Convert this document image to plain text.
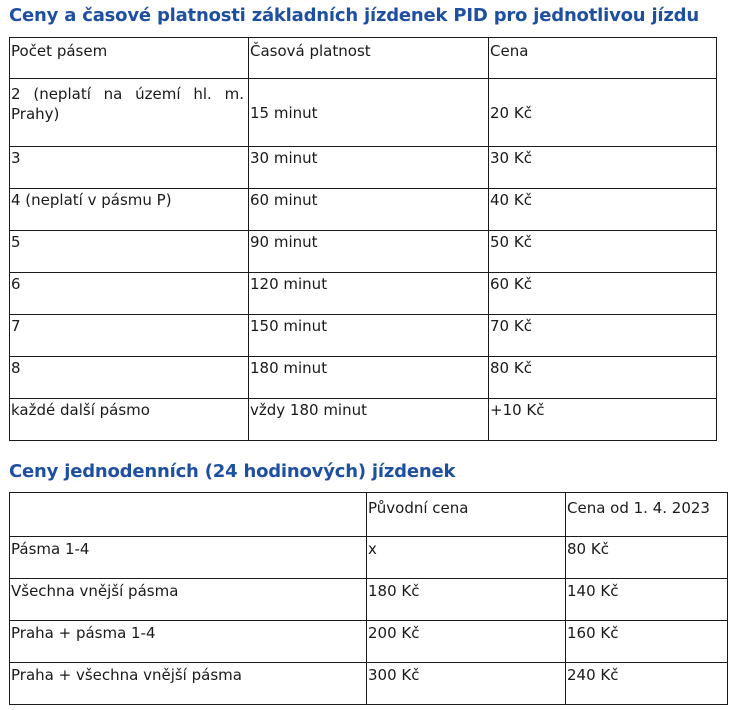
Ceny a časové platnosti základních jízdenek PID pro jednotlivou jízdu
Počet pásem	Časová platnost	Cena
2 (neplatí na území hl. m. Prahy)	15 minut	20 Kč
3	30 minut	30 Kč
4 (neplatí v pásmu P)	60 minut	40 Kč
5	90 minut	50 Kč
6	120 minut	60 Kč
7	150 minut	70 Kč
8	180 minut	80 Kč
každé další pásmo	vždy 180 minut	+10 Kč
Ceny jednodenních (24 hodinových) jízdenek
	Původní cena	Cena od 1. 4. 2023
Pásma 1-4	x	80 Kč
Všechna vnější pásma	180 Kč	140 Kč
Praha + pásma 1-4	200 Kč	160 Kč
Praha + všechna vnější pásma	300 Kč	240 Kč
